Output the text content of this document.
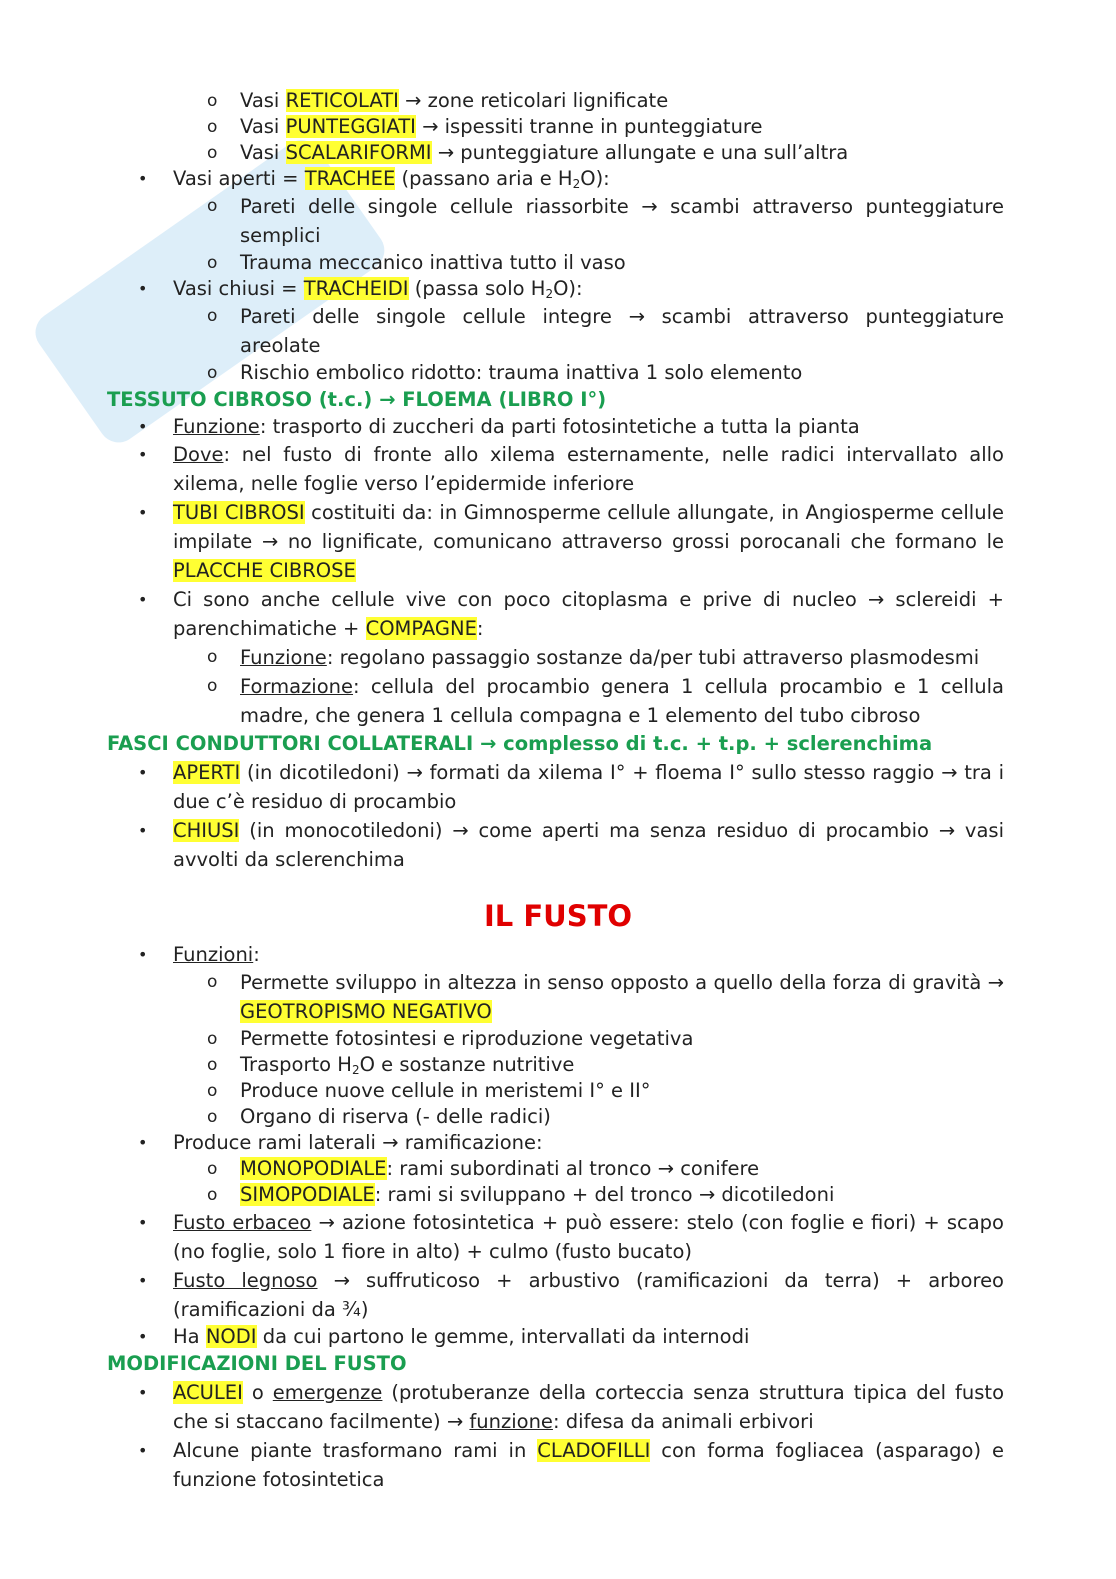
o Vasi RETICOLATI → zone reticolari lignificate
o Vasi PUNTEGGIATI → ispessiti tranne in punteggiature
o Vasi SCALARIFORMI → punteggiature allungate e una sull’altra
• Vasi aperti = TRACHEE (passano aria e $H_2O$):
o Pareti delle singole cellule riassorbite → scambi attraverso punteggiature semplici
o Trauma meccanico inattiva tutto il vaso
• Vasi chiusi = TRACHEIDI (passa solo $H_2O$):
o Pareti delle singole cellule integre → scambi attraverso punteggiature areolate
o Rischio embolico ridotto: trauma inattiva 1 solo elemento
TESSUTO CIBROSO (t.c.) → FLOEMA (LIBRO I°)
• Funzione: trasporto di zuccheri da parti fotosintetiche a tutta la pianta
• Dove: nel fusto di fronte allo xilema esternamente, nelle radici intervallato allo xilema, nelle foglie verso l’epidermide inferiore
• TUBI CIBROSI costituiti da: in Gimnosperme cellule allungate, in Angiosperme cellule impilate → no lignificate, comunicano attraverso grossi porocanali che formano le PLACCHE CIBROSE
• Ci sono anche cellule vive con poco citoplasma e prive di nucleo → sclereidi + parenchimatiche + COMPAGNE:
o Funzione: regolano passaggio sostanze da/per tubi attraverso plasmodesmi
o Formazione: cellula del procambio genera 1 cellula procambio e 1 cellula madre, che genera 1 cellula compagna e 1 elemento del tubo cibroso
FASCI CONDUTTORI COLLATERALI → complesso di t.c. + t.p. + sclerenchima
• APERTI (in dicotiledoni) → formati da xilema I° + floema I° sullo stesso raggio → tra i due c’è residuo di procambio
• CHIUSI (in monocotiledoni) → come aperti ma senza residuo di procambio → vasi avvolti da sclerenchima
IL FUSTO
• Funzioni:
o Permette sviluppo in altezza in senso opposto a quello della forza di gravità → GEOTROPISMO NEGATIVO
o Permette fotosintesi e riproduzione vegetativa
o Trasporto $H_2O$ e sostanze nutritive
o Produce nuove cellule in meristemi I° e II°
o Organo di riserva (- delle radici)
• Produce rami laterali → ramificazione:
o MONOPODIALE: rami subordinati al tronco → conifere
o SIMOPODIALE: rami si sviluppano + del tronco → dicotiledoni
• Fusto erbaceo → azione fotosintetica + può essere: stelo (con foglie e fiori) + scapo (no foglie, solo 1 fiore in alto) + culmo (fusto bucato)
• Fusto legnoso → suffruticoso + arbustivo (ramificazioni da terra) + arboreo (ramificazioni da ¾)
• Ha NODI da cui partono le gemme, intervallati da internodi
MODIFICAZIONI DEL FUSTO
• ACULEI o emergenze (protuberanze della corteccia senza struttura tipica del fusto che si staccano facilmente) → funzione: difesa da animali erbivori
• Alcune piante trasformano rami in CLADOFILLI con forma fogliacea (asparago) e funzione fotosintetica
